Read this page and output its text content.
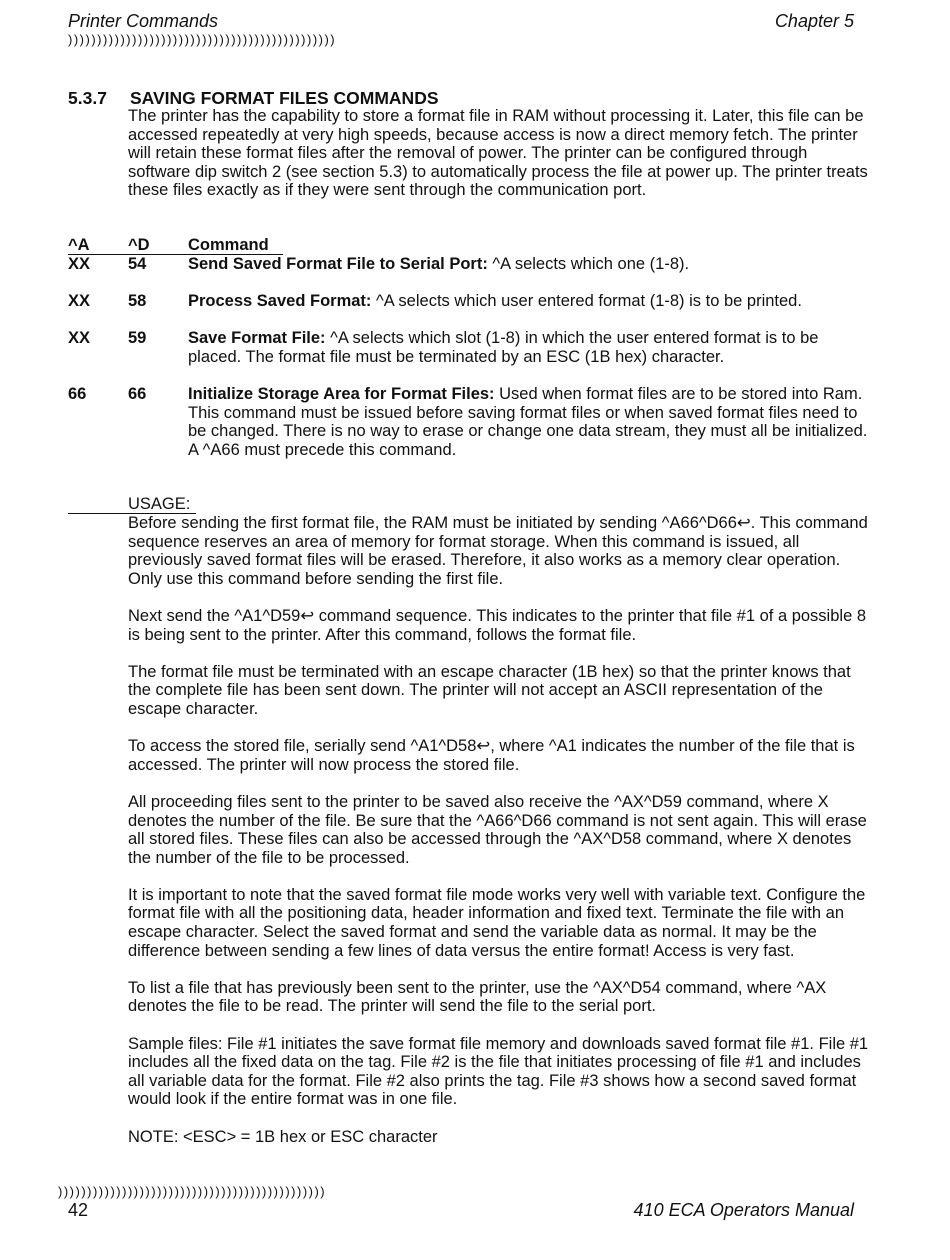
Printer Commands	Chapter 5
))))))))))))))))))))))))))))))))))))))))))))))
5.3.7 SAVING FORMAT FILES COMMANDS
The printer has the capability to store a format file in RAM without processing it. Later, this file can be accessed repeatedly at very high speeds, because access is now a direct memory fetch. The printer will retain these format files after the removal of power. The printer can be configured through software dip switch 2 (see section 5.3) to automatically process the file at power up. The printer treats these files exactly as if they were sent through the communication port.
^A ^D Command
XX 54	Send Saved Format File to Serial Port: ^A selects which one (1-8).
XX 58	Process Saved Format: ^A selects which user entered format (1-8) is to be printed.
XX 59	Save Format File: ^A selects which slot (1-8) in which the user entered format is to be placed. The format file must be terminated by an ESC (1B hex) character.
66	66	Initialize Storage Area for Format Files: Used when format files are to be stored into Ram. This command must be issued before saving format files or when saved format files need to be changed. There is no way to erase or change one data stream, they must all be initialized. A ^A66 must precede this command.
USAGE:

Before sending the first format file, the RAM must be initiated by sending ^A66^D66↩. This command sequence reserves an area of memory for format storage. When this command is issued, all previously saved format files will be erased. Therefore, it also works as a memory clear operation. Only use this command before sending the first file.

Next send the ^A1^D59↩ command sequence. This indicates to the printer that file #1 of a possible 8 is being sent to the printer. After this command, follows the format file.

The format file must be terminated with an escape character (1B hex) so that the printer knows that the complete file has been sent down. The printer will not accept an ASCII representation of the escape character.

To access the stored file, serially send ^A1^D58↩, where ^A1 indicates the number of the file that is accessed. The printer will now process the stored file.

All proceeding files sent to the printer to be saved also receive the ^AX^D59 command, where X denotes the number of the file. Be sure that the ^A66^D66 command is not sent again. This will erase all stored files. These files can also be accessed through the ^AX^D58 command, where X denotes the number of the file to be processed.

It is important to note that the saved format file mode works very well with variable text. Configure the format file with all the positioning data, header information and fixed text. Terminate the file with an escape character. Select the saved format and send the variable data as normal. It may be the difference between sending a few lines of data versus the entire format! Access is very fast.

To list a file that has previously been sent to the printer, use the ^AX^D54 command, where ^AX denotes the file to be read. The printer will send the file to the serial port.

Sample files: File #1 initiates the save format file memory and downloads saved format file #1. File #1 includes all the fixed data on the tag. File #2 is the file that initiates processing of file #1 and includes all variable data for the format. File #2 also prints the tag. File #3 shows how a second saved format would look if the entire format was in one file.

NOTE: <ESC> = 1B hex or ESC character

))))))))))))))))))))))))))))))))))))))))))))))
42	410 ECA Operators Manual
